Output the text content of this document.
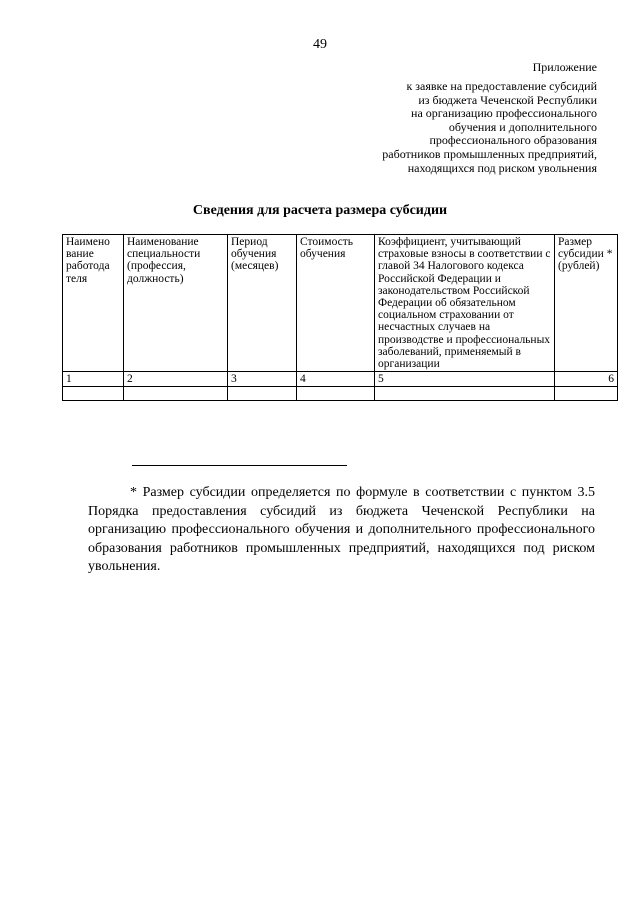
49
Приложение
к заявке на предоставление субсидий
из бюджета Чеченской Республики
на организацию профессионального
обучения и дополнительного
профессионального образования
работников промышленных предприятий,
находящихся под риском увольнения
Сведения для расчета размера субсидии
Наимено вание работода теля	Наименование специальности (профессия, должность)	Период обучения (месяцев)	Стоимость обучения	Коэффициент, учитывающий страховые взносы в соответствии с главой 34 Налогового кодекса Российской Федерации и законодательством Российской Федерации об обязательном социальном страховании от несчастных случаев на производстве и профессиональных заболеваний, применяемый в организации	Размер субсидии * (рублей)
1	2	3	4	5	6

* Размер субсидии определяется по формуле в соответствии с пунктом 3.5 Порядка предоставления субсидий из бюджета Чеченской Республики на организацию профессионального обучения и дополнительного профессионального образования работников промышленных предприятий, находящихся под риском увольнения.
